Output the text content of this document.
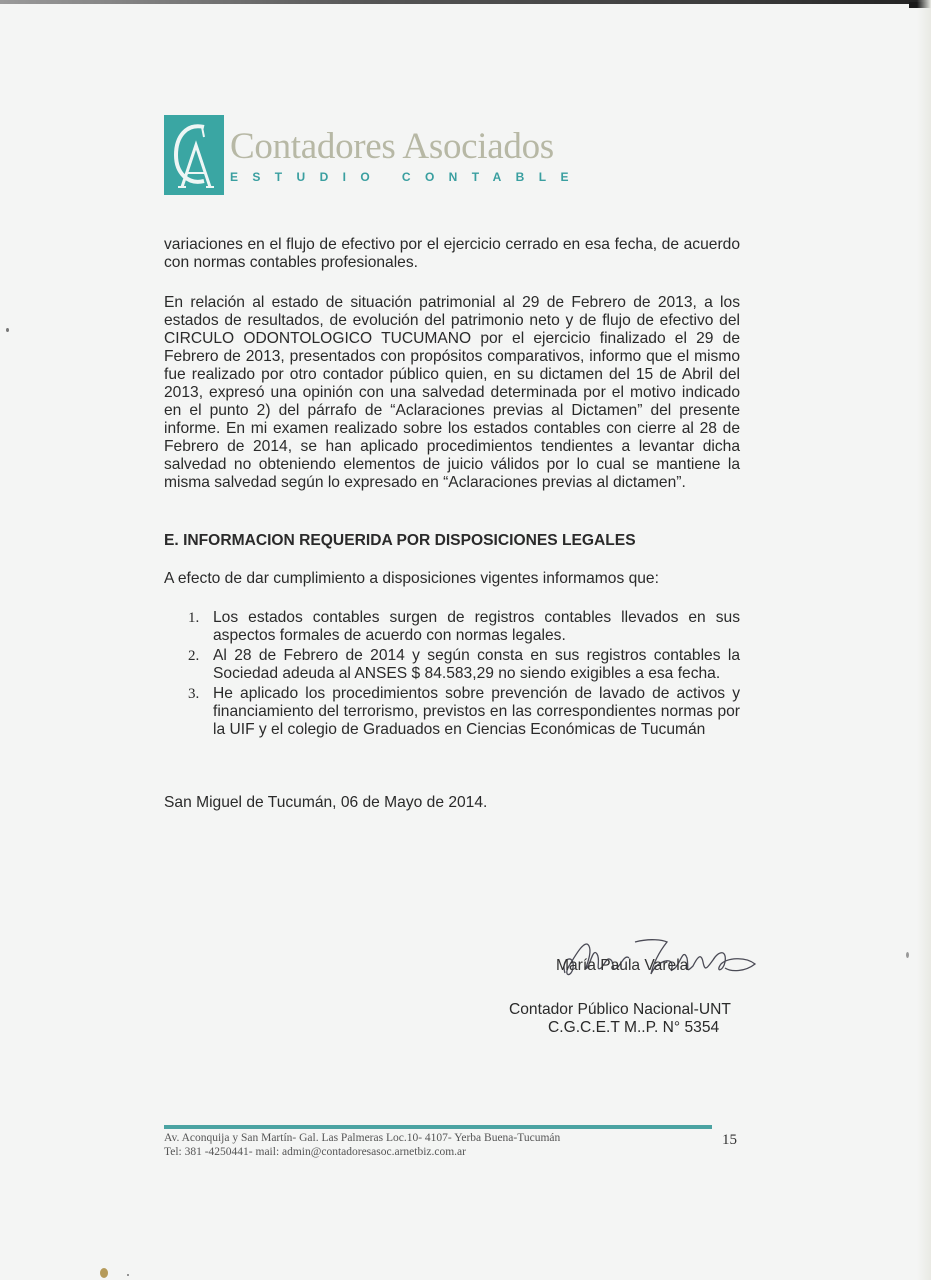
Contadores Asociados
ESTUDIO CONTABLE
variaciones en el flujo de efectivo por el ejercicio cerrado en esa fecha, de acuerdo con normas contables profesionales.
En relación al estado de situación patrimonial al 29 de Febrero de 2013, a los estados de resultados, de evolución del patrimonio neto y de flujo de efectivo del CIRCULO ODONTOLOGICO TUCUMANO por el ejercicio finalizado el 29 de Febrero de 2013, presentados con propósitos comparativos, informo que el mismo fue realizado por otro contador público quien, en su dictamen del 15 de Abril del 2013, expresó una opinión con una salvedad determinada por el motivo indicado en el punto 2) del párrafo de “Aclaraciones previas al Dictamen” del presente informe. En mi examen realizado sobre los estados contables con cierre al 28 de Febrero de 2014, se han aplicado procedimientos tendientes a levantar dicha salvedad no obteniendo elementos de juicio válidos por lo cual se mantiene la misma salvedad según lo expresado en “Aclaraciones previas al dictamen”.
E. INFORMACION REQUERIDA POR DISPOSICIONES LEGALES
A efecto de dar cumplimiento a disposiciones vigentes informamos que:
1. Los estados contables surgen de registros contables llevados en sus aspectos formales de acuerdo con normas legales.
2. Al 28 de Febrero de 2014 y según consta en sus registros contables la Sociedad adeuda al ANSES $ 84.583,29 no siendo exigibles a esa fecha.
3. He aplicado los procedimientos sobre prevención de lavado de activos y financiamiento del terrorismo, previstos en las correspondientes normas por la UIF y el colegio de Graduados en Ciencias Económicas de Tucumán
San Miguel de Tucumán, 06 de Mayo de 2014.
María Paula Varela
Contador Público Nacional-UNT
C.G.C.E.T M..P. N° 5354
Av. Aconquija y San Martín- Gal. Las Palmeras Loc.10- 4107- Yerba Buena-Tucumán
Tel: 381 -4250441- mail: admin@contadoresasoc.arnetbiz.com.ar
15
